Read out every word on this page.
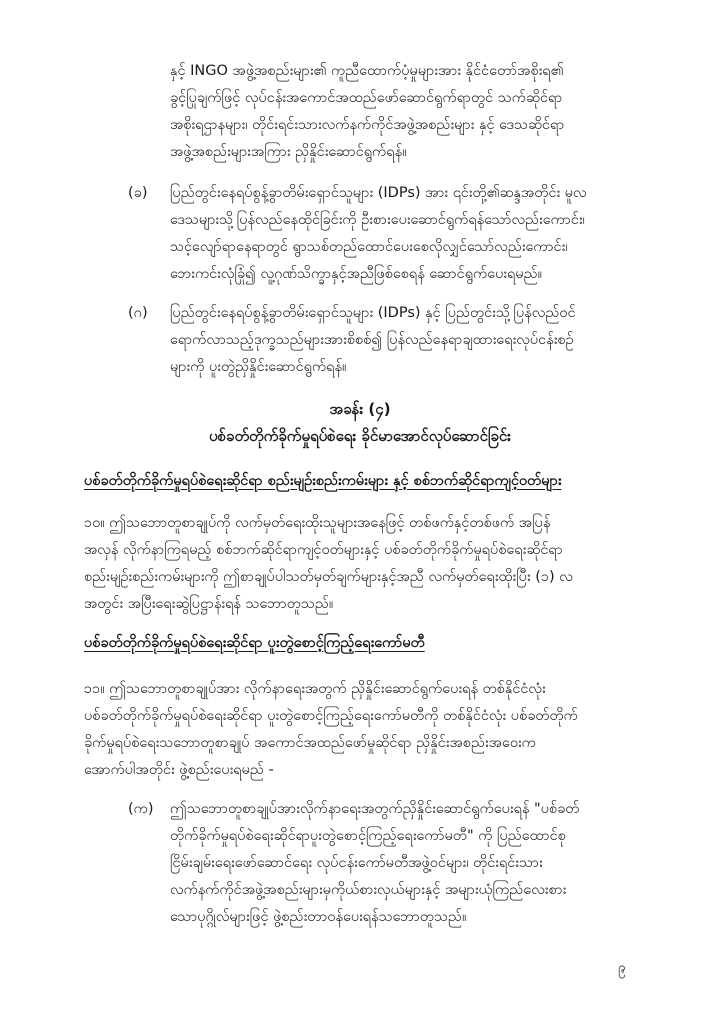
နှင့် INGO အဖွဲ့အစည်းများ၏ ကူညီထောက်ပံ့မှုများအား နိုင်ငံတော်အစိုးရ၏
ခွင့်ပြုချက်ဖြင့် လုပ်ငန်းအကောင်အထည်ဖော်ဆောင်ရွက်ရာတွင် သက်ဆိုင်ရာ
အစိုးရဌာနများ၊ တိုင်းရင်းသားလက်နက်ကိုင်အဖွဲ့အစည်းများ နှင့် ဒေသဆိုင်ရာ
အဖွဲ့အစည်းများအကြား ညှိနှိုင်းဆောင်ရွက်ရန်။
(ခ) ပြည်တွင်းနေရပ်စွန့်ခွာတိမ်းရှောင်သူများ (IDPs) အား ၎င်းတို့၏ဆန္ဒအတိုင်း မူလ
ဒေသများသို့ပြန်လည်နေထိုင်ခြင်းကို ဦးစားပေးဆောင်ရွက်ရန်သော်လည်းကောင်း၊
သင့်လျော်ရာနေရာတွင် ရွာသစ်တည်ထောင်ပေးစေလိုလျှင်သော်လည်းကောင်း၊
ဘေးကင်းလုံခြုံ၍ လူ့ဂုဏ်သိက္ခာနှင့်အညီဖြစ်စေရန် ဆောင်ရွက်ပေးရမည်။
(ဂ) ပြည်တွင်းနေရပ်စွန့်ခွာတိမ်းရှောင်သူများ (IDPs) နှင့် ပြည်တွင်းသို့ပြန်လည်ဝင်
ရောက်လာသည့်ဒုက္ခသည်များအားစိစစ်၍ ပြန်လည်နေရာချထားရေးလုပ်ငန်းစဉ်
များကို ပူးတွဲညှိနှိုင်းဆောင်ရွက်ရန်။
အခန်း (၄)
ပစ်ခတ်တိုက်ခိုက်မှုရပ်စဲရေး ခိုင်မာအောင်လုပ်ဆောင်ခြင်း
ပစ်ခတ်တိုက်ခိုက်မှုရပ်စဲရေးဆိုင်ရာ စည်းမျဉ်းစည်းကမ်းများ နှင့် စစ်ဘက်ဆိုင်ရာကျင့်ဝတ်များ
၁၀။ ဤသဘောတူစာချုပ်ကို လက်မှတ်ရေးထိုးသူများအနေဖြင့် တစ်ဖက်နှင့်တစ်ဖက် အပြန်
အလှန် လိုက်နာကြရမည့် စစ်ဘက်ဆိုင်ရာကျင့်ဝတ်များနှင့် ပစ်ခတ်တိုက်ခိုက်မှုရပ်စဲရေးဆိုင်ရာ
စည်းမျဉ်းစည်းကမ်းများကို ဤစာချုပ်ပါသတ်မှတ်ချက်များနှင့်အညီ လက်မှတ်ရေးထိုးပြီး (၁) လ
အတွင်း အပြီးရေးဆွဲပြဋ္ဌာန်းရန် သဘောတူသည်။
ပစ်ခတ်တိုက်ခိုက်မှုရပ်စဲရေးဆိုင်ရာ ပူးတွဲစောင့်ကြည့်ရေးကော်မတီ
၁၁။ ဤသဘောတူစာချုပ်အား လိုက်နာရေးအတွက် ညှိနှိုင်းဆောင်ရွက်ပေးရန် တစ်နိုင်ငံလုံး
ပစ်ခတ်တိုက်ခိုက်မှုရပ်စဲရေးဆိုင်ရာ ပူးတွဲစောင့်ကြည့်ရေးကော်မတီကို တစ်နိုင်ငံလုံး ပစ်ခတ်တိုက်
ခိုက်မှုရပ်စဲရေးသဘောတူစာချုပ် အကောင်အထည်ဖော်မှုဆိုင်ရာ ညှိနှိုင်းအစည်းအဝေးက
အောက်ပါအတိုင်း ဖွဲ့စည်းပေးရမည် -
(က) ဤသဘောတူစာချုပ်အားလိုက်နာရေးအတွက်ညှိနှိုင်းဆောင်ရွက်ပေးရန် "ပစ်ခတ်
တိုက်ခိုက်မှုရပ်စဲရေးဆိုင်ရာပူးတွဲစောင့်ကြည့်ရေးကော်မတီ" ကို ပြည်ထောင်စု
ငြိမ်းချမ်းရေးဖော်ဆောင်ရေး လုပ်ငန်းကော်မတီအဖွဲ့ဝင်များ၊ တိုင်းရင်းသား
လက်နက်ကိုင်အဖွဲ့အစည်းများမှကိုယ်စားလှယ်များနှင့် အများယုံကြည်လေးစား
သောပုဂ္ဂိုလ်များဖြင့် ဖွဲ့စည်းတာဝန်ပေးရန်သဘောတူသည်။
၉
